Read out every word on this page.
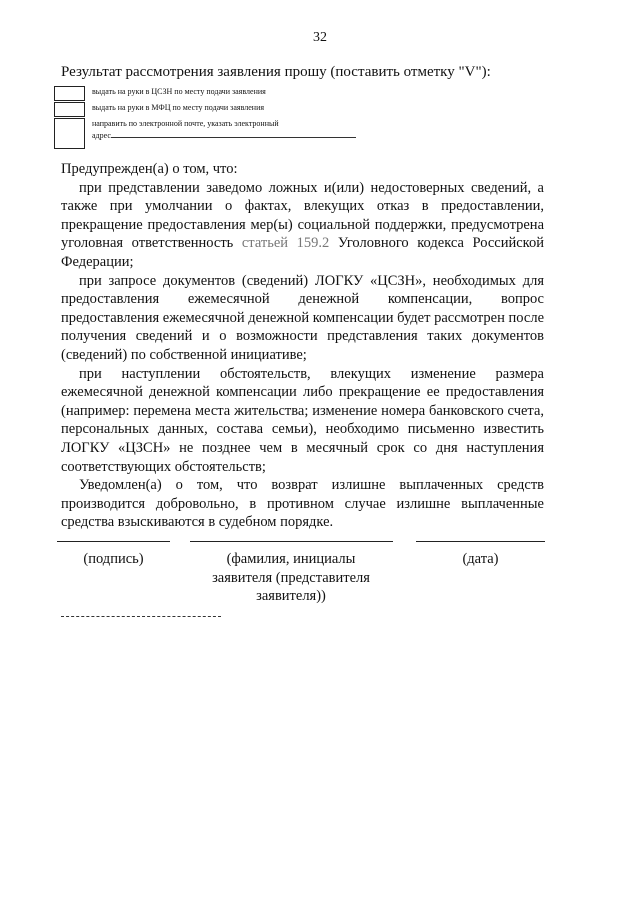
32
Результат рассмотрения заявления прошу (поставить отметку "V"):
выдать на руки в ЦСЗН по месту подачи заявления
выдать на руки в МФЦ по месту подачи заявления
направить по электронной почте, указать электронный
адрес

Предупрежден(а) о том, что:

при представлении заведомо ложных и(или) недостоверных сведений, а также при умолчании о фактах, влекущих отказ в предоставлении, прекращение предоставления мер(ы) социальной поддержки, предусмотрена уголовная ответственность статьей 159.2 Уголовного кодекса Российской Федерации;

при запросе документов (сведений) ЛОГКУ «ЦСЗН», необходимых для предоставления ежемесячной денежной компенсации, вопрос предоставления ежемесячной денежной компенсации будет рассмотрен после получения сведений и о возможности представления таких документов (сведений) по собственной инициативе;

при наступлении обстоятельств, влекущих изменение размера ежемесячной денежной компенсации либо прекращение ее предоставления (например: перемена места жительства; изменение номера банковского счета, персональных данных, состава семьи), необходимо письменно известить ЛОГКУ «ЦЗСН» не позднее чем в месячный срок со дня наступления соответствующих обстоятельств;

Уведомлен(а) о том, что возврат излишне выплаченных средств производится добровольно, в противном случае излишне выплаченные средства взыскиваются в судебном порядке.

(подпись)	(фамилия, инициалы заявителя (представителя заявителя))
(дата)
